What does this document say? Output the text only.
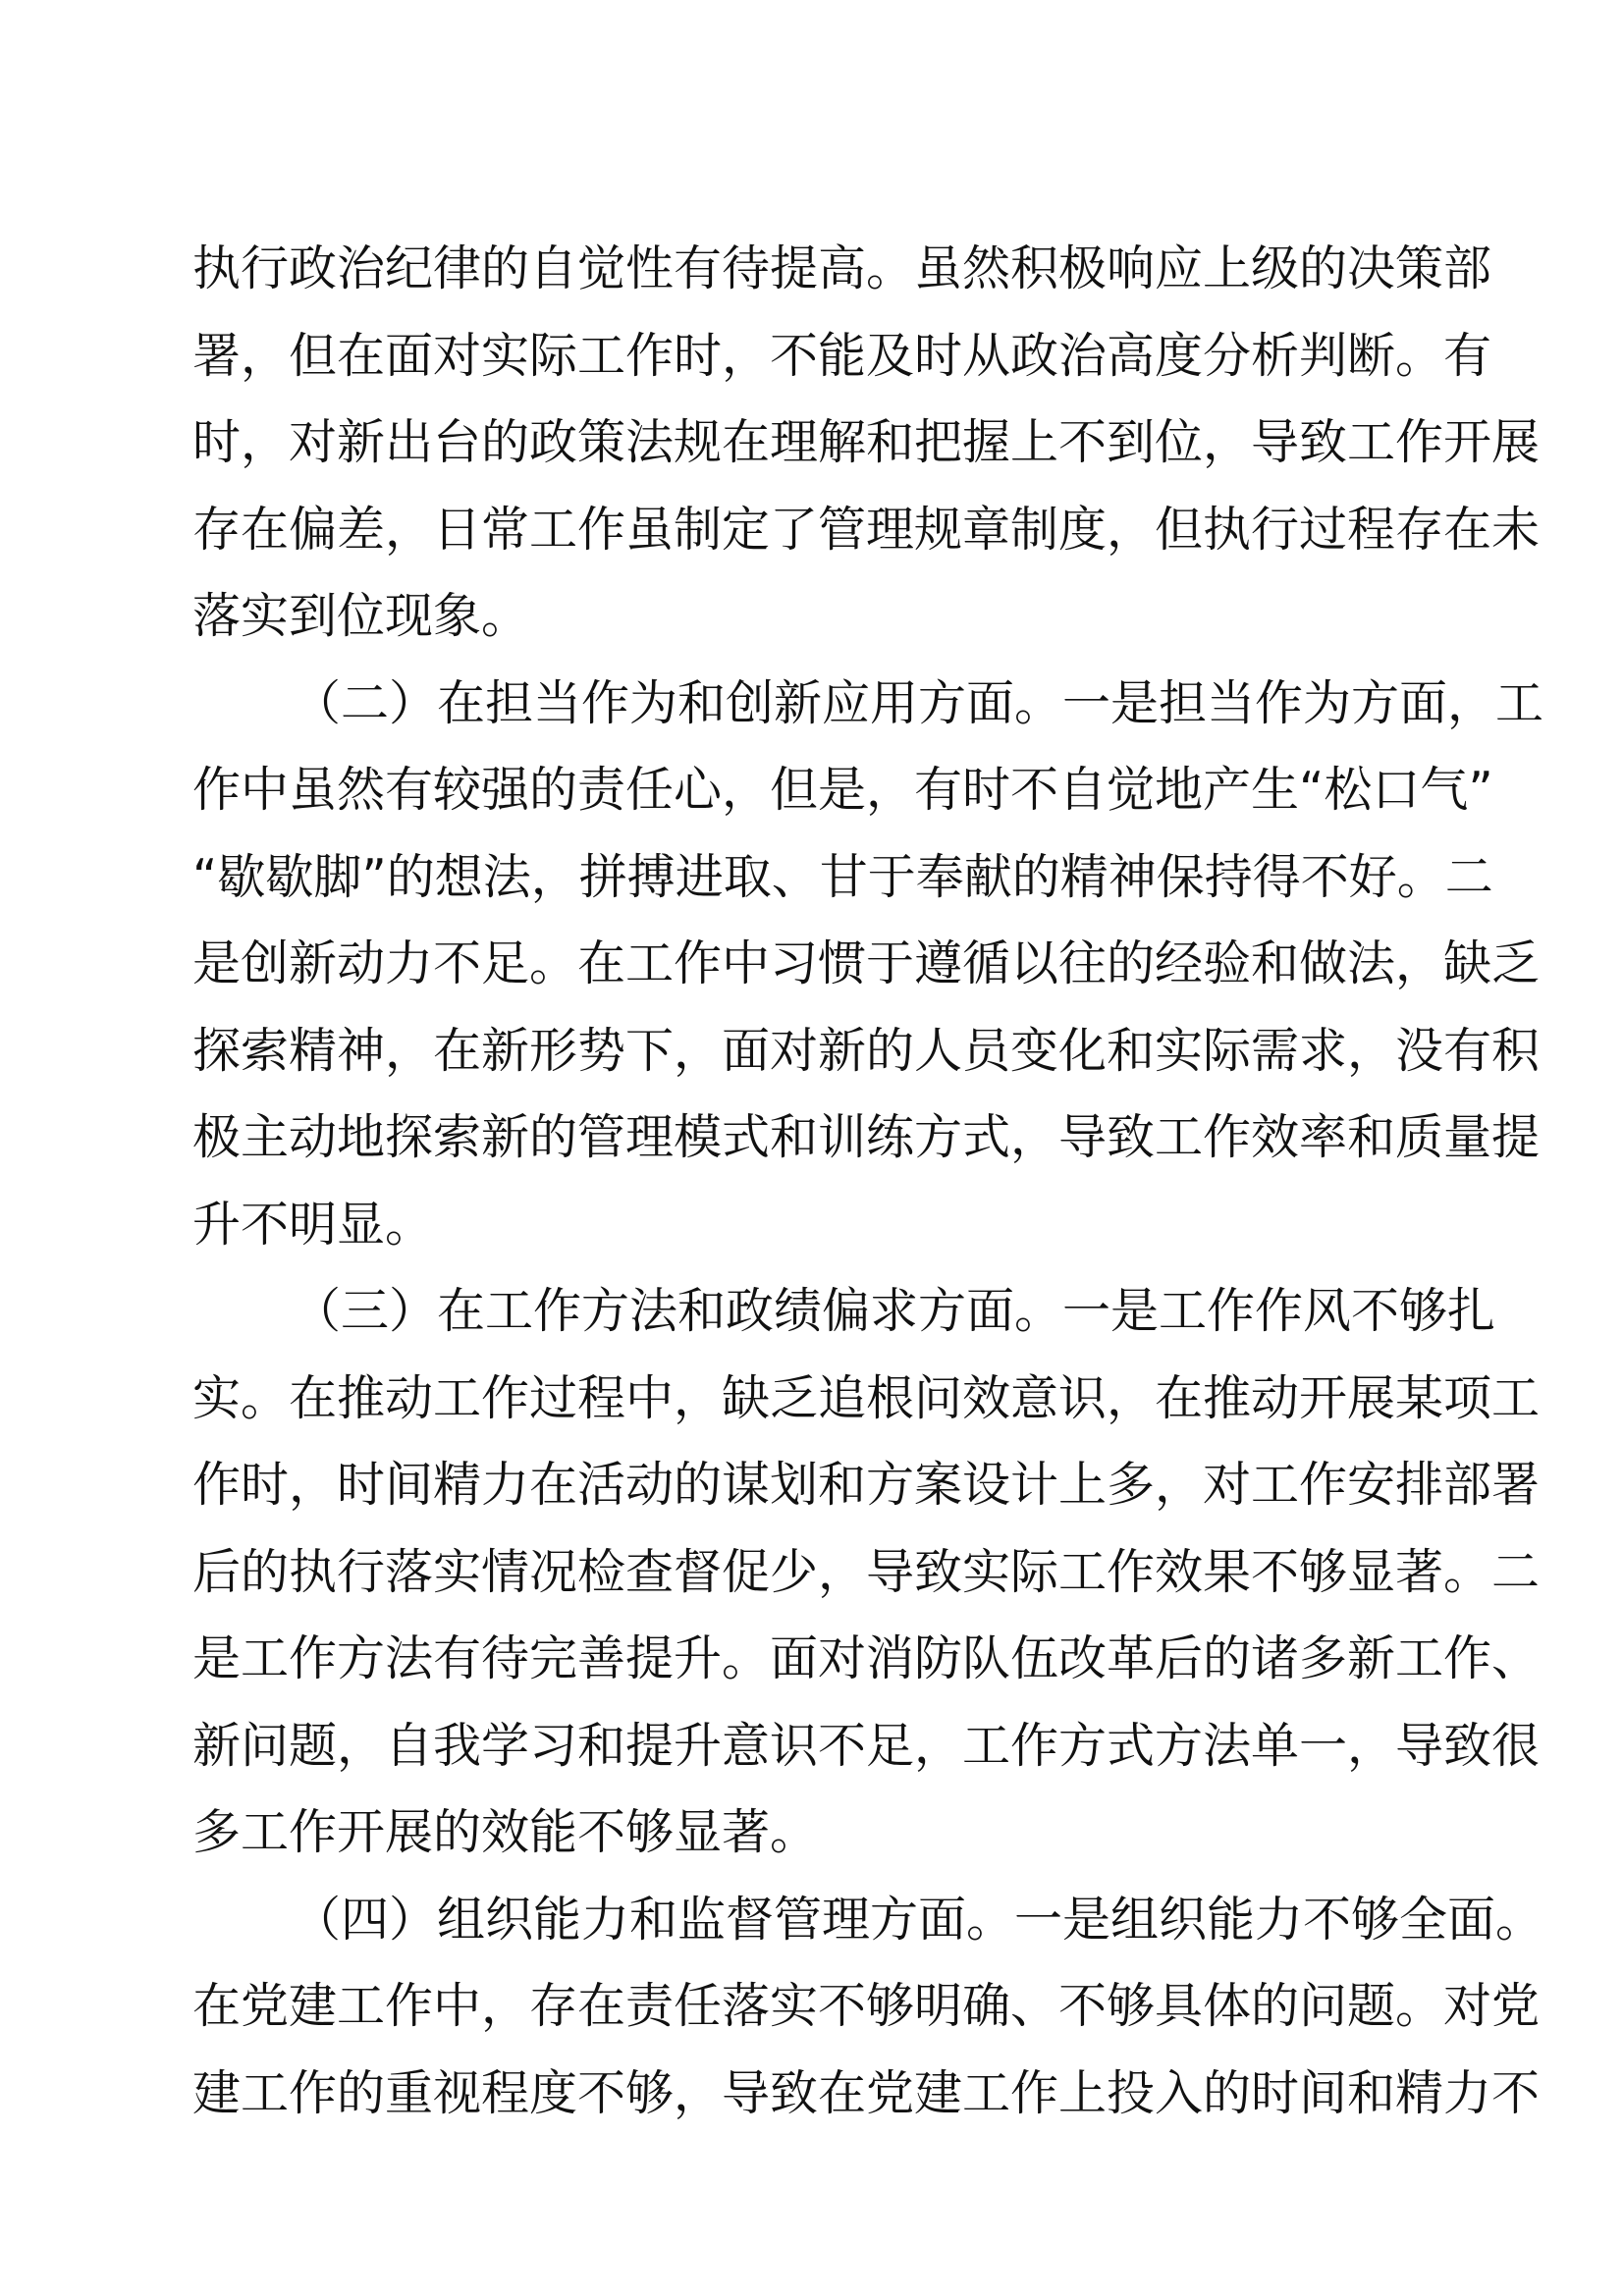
执行政治纪律的自觉性有待提高。虽然积极响应上级的决策部
署，但在面对实际工作时，不能及时从政治高度分析判断。有
时，对新出台的政策法规在理解和把握上不到位，导致工作开展
存在偏差，日常工作虽制定了管理规章制度，但执行过程存在未
落实到位现象。
（二）在担当作为和创新应用方面。一是担当作为方面，工
作中虽然有较强的责任心，但是，有时不自觉地产生“松口气”
“歇歇脚”的想法，拼搏进取、甘于奉献的精神保持得不好。二
是创新动力不足。在工作中习惯于遵循以往的经验和做法，缺乏
探索精神，在新形势下，面对新的人员变化和实际需求，没有积
极主动地探索新的管理模式和训练方式，导致工作效率和质量提
升不明显。
（三）在工作方法和政绩偏求方面。一是工作作风不够扎
实。在推动工作过程中，缺乏追根问效意识，在推动开展某项工
作时，时间精力在活动的谋划和方案设计上多，对工作安排部署
后的执行落实情况检查督促少，导致实际工作效果不够显著。二
是工作方法有待完善提升。面对消防队伍改革后的诸多新工作、
新问题，自我学习和提升意识不足，工作方式方法单一，导致很
多工作开展的效能不够显著。
（四）组织能力和监督管理方面。一是组织能力不够全面。
在党建工作中，存在责任落实不够明确、不够具体的问题。对党
建工作的重视程度不够，导致在党建工作上投入的时间和精力不
